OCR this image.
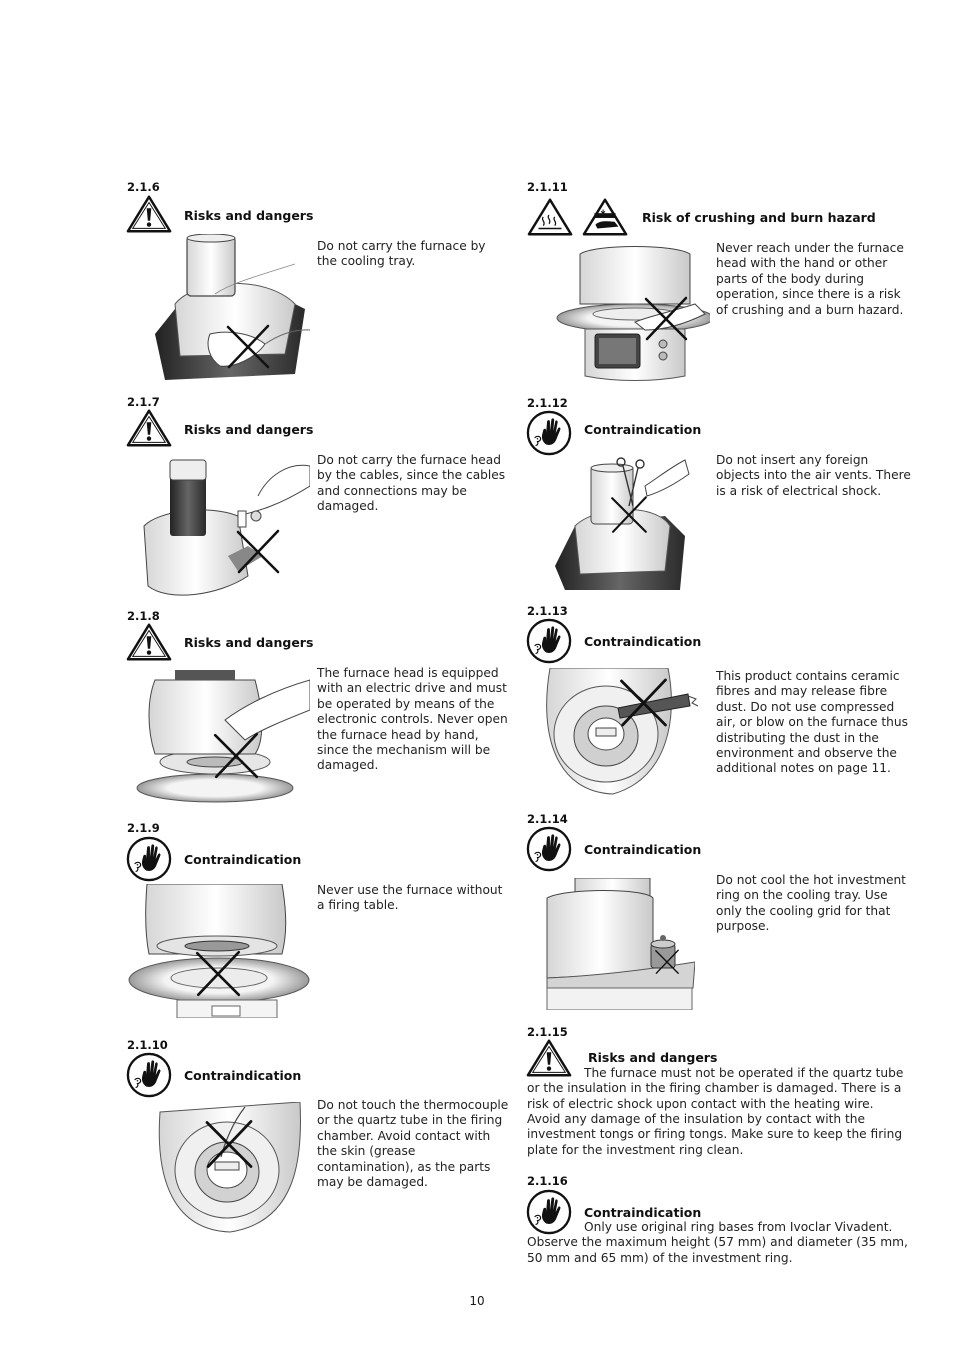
2.1.6
Risks and dangers
Do not carry the furnace by the cooling tray.
2.1.7
Risks and dangers
Do not carry the furnace head by the cables, since the cables and connections may be damaged.
2.1.8
Risks and dangers
The furnace head is equipped with an electric drive and must be operated by means of the electronic controls. Never open the furnace head by hand, since the mechanism will be damaged.
2.1.9
Contraindication
Never use the furnace without a firing table.
2.1.10
Contraindication
Do not touch the thermocouple or the quartz tube in the firing chamber. Avoid contact with the skin (grease contamination), as the parts may be damaged.
2.1.11
Risk of crushing and burn hazard
Never reach under the furnace head with the hand or other parts of the body during operation, since there is a risk of crushing and a burn hazard.
2.1.12
Contraindication
Do not insert any foreign objects into the air vents. There is a risk of electrical shock.
2.1.13
Contraindication
This product contains ceramic fibres and may release fibre dust. Do not use compressed air, or blow on the furnace thus distributing the dust in the environment and observe the additional notes on page 11.
2.1.14
Contraindication
Do not cool the hot investment ring on the cooling tray. Use only the cooling grid for that purpose.
2.1.15
Risks and dangers
The furnace must not be operated if the quartz tube or the insulation in the firing chamber is damaged. There is a risk of electric shock upon contact with the heating wire.
Avoid any damage of the insulation by contact with the investment tongs or firing tongs. Make sure to keep the firing plate for the investment ring clean.
2.1.16
Contraindication
Only use original ring bases from Ivoclar Vivadent. Observe the maximum height (57 mm) and diameter (35 mm, 50 mm and 65 mm) of the investment ring.
10
